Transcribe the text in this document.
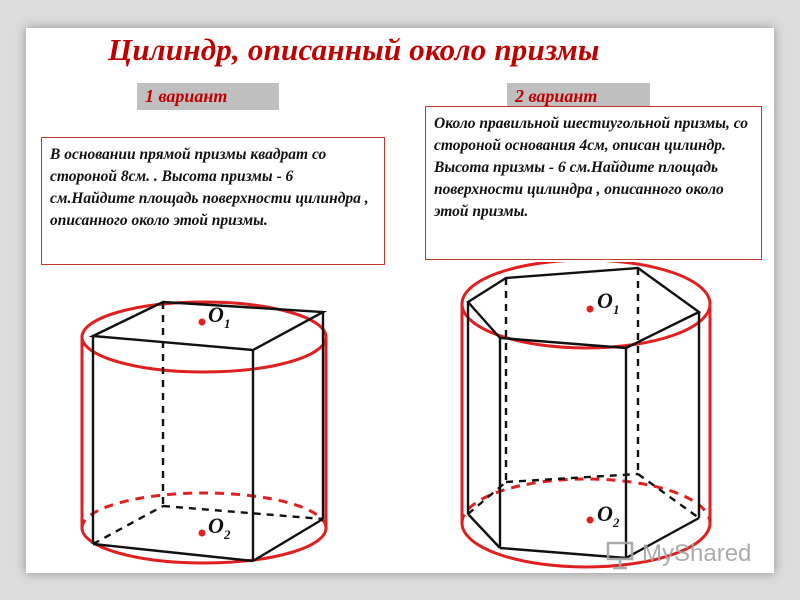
Цилиндр, описанный около призмы
1 вариант	2 вариант
В основании прямой призмы квадрат со стороной 8см. . Высота призмы - 6 см.Найдите площадь поверхности цилиндра , описанного около этой призмы.
Около правильной шестиугольной призмы, со стороной основания 4см, описан цилиндр. Высота призмы - 6 см.Найдите площадь поверхности цилиндра , описанного около этой призмы.
O 1
O 2
O 1
O 2
MyShared
